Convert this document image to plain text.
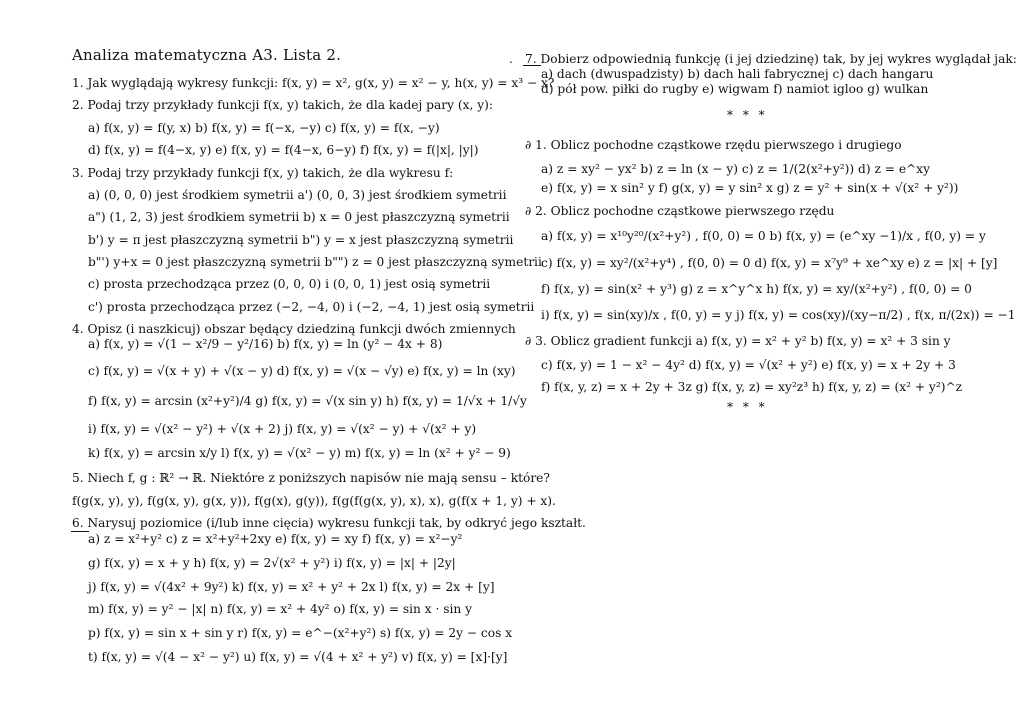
Analiza matematyczna A3. Lista 2.
1. Jak wyglądają wykresy funkcji: f(x, y) = x², g(x, y) = x² − y, h(x, y) = x³ − x?
2. Podaj trzy przykłady funkcji f(x, y) takich, że dla kadej pary (x, y):
a) f(x, y) = f(y, x) b) f(x, y) = f(−x, −y) c) f(x, y) = f(x, −y)
d) f(x, y) = f(4−x, y) e) f(x, y) = f(4−x, 6−y) f) f(x, y) = f(|x|, |y|)
3. Podaj trzy przykłady funkcji f(x, y) takich, że dla wykresu f:
a) (0, 0, 0) jest środkiem symetrii a') (0, 0, 3) jest środkiem symetrii
a") (1, 2, 3) jest środkiem symetrii b) x = 0 jest płaszczyzną symetrii
b') y = π jest płaszczyzną symetrii b") y = x jest płaszczyzną symetrii
b"') y+x = 0 jest płaszczyzną symetrii b"") z = 0 jest płaszczyzną symetrii
c) prosta przechodząca przez (0, 0, 0) i (0, 0, 1) jest osią symetrii
c') prosta przechodząca przez (−2, −4, 0) i (−2, −4, 1) jest osią symetrii
4. Opisz (i naszkicuj) obszar będący dziedziną funkcji dwóch zmiennych
a) f(x, y) = √(1 − x²/9 − y²/16) b) f(x, y) = ln (y² − 4x + 8)
c) f(x, y) = √(x + y) + √(x − y) d) f(x, y) = √(x − √y) e) f(x, y) = ln (xy)
f) f(x, y) = arcsin (x²+y²)/4 g) f(x, y) = √(x sin y) h) f(x, y) = 1/√x + 1/√y
i) f(x, y) = √(x² − y²) + √(x + 2) j) f(x, y) = √(x² − y) + √(x² + y)
k) f(x, y) = arcsin x/y l) f(x, y) = √(x² − y) m) f(x, y) = ln (x² + y² − 9)
5. Niech f, g : ℝ² → ℝ. Niektóre z poniższych napisów nie mają sensu – które?
f(g(x, y), y), f(g(x, y), g(x, y)), f(g(x), g(y)), f(g(f(g(x, y), x), x), g(f(x + 1, y) + x).
6. Narysuj poziomice (i/lub inne cięcia) wykresu funkcji tak, by odkryć jego kształt.
a) z = x²+y² c) z = x²+y²+2xy e) f(x, y) = xy f) f(x, y) = x²−y²
g) f(x, y) = x + y h) f(x, y) = 2√(x² + y²) i) f(x, y) = |x| + |2y|
j) f(x, y) = √(4x² + 9y²) k) f(x, y) = x² + y² + 2x l) f(x, y) = 2x + [y]
m) f(x, y) = y² − |x| n) f(x, y) = x² + 4y² o) f(x, y) = sin x · sin y
p) f(x, y) = sin x + sin y r) f(x, y) = e^−(x²+y²) s) f(x, y) = 2y − cos x
t) f(x, y) = √(4 − x² − y²) u) f(x, y) = √(4 + x² + y²) v) f(x, y) = [x]·[y]
. 7. Dobierz odpowiednią funkcję (i jej dziedzinę) tak, by jej wykres wyglądał jak:
a) dach (dwuspadzisty) b) dach hali fabrycznej c) dach hangaru
d) pół pow. piłki do rugby e) wigwam f) namiot igloo g) wulkan
* * *
∂ 1. Oblicz pochodne cząstkowe rzędu pierwszego i drugiego
a) z = xy² − yx² b) z = ln (x − y) c) z = 1/(2(x²+y²)) d) z = e^xy
e) f(x, y) = x sin² y f) g(x, y) = y sin² x g) z = y² + sin(x + √(x² + y²))
∂ 2. Oblicz pochodne cząstkowe pierwszego rzędu
a) f(x, y) = x¹⁰y²⁰/(x²+y²) , f(0, 0) = 0 b) f(x, y) = (e^xy −1)/x , f(0, y) = y
c) f(x, y) = xy²/(x²+y⁴) , f(0, 0) = 0 d) f(x, y) = x⁷y⁹ + xe^xy e) z = |x| + [y]
f) f(x, y) = sin(x² + y³) g) z = x^y^x h) f(x, y) = xy/(x²+y²) , f(0, 0) = 0
i) f(x, y) = sin(xy)/x , f(0, y) = y j) f(x, y) = cos(xy)/(xy−π/2) , f(x, π/(2x)) = −1
∂ 3. Oblicz gradient funkcji a) f(x, y) = x² + y² b) f(x, y) = x² + 3 sin y
c) f(x, y) = 1 − x² − 4y² d) f(x, y) = √(x² + y²) e) f(x, y) = x + 2y + 3
f) f(x, y, z) = x + 2y + 3z g) f(x, y, z) = xy²z³ h) f(x, y, z) = (x² + y²)^z
* * *
